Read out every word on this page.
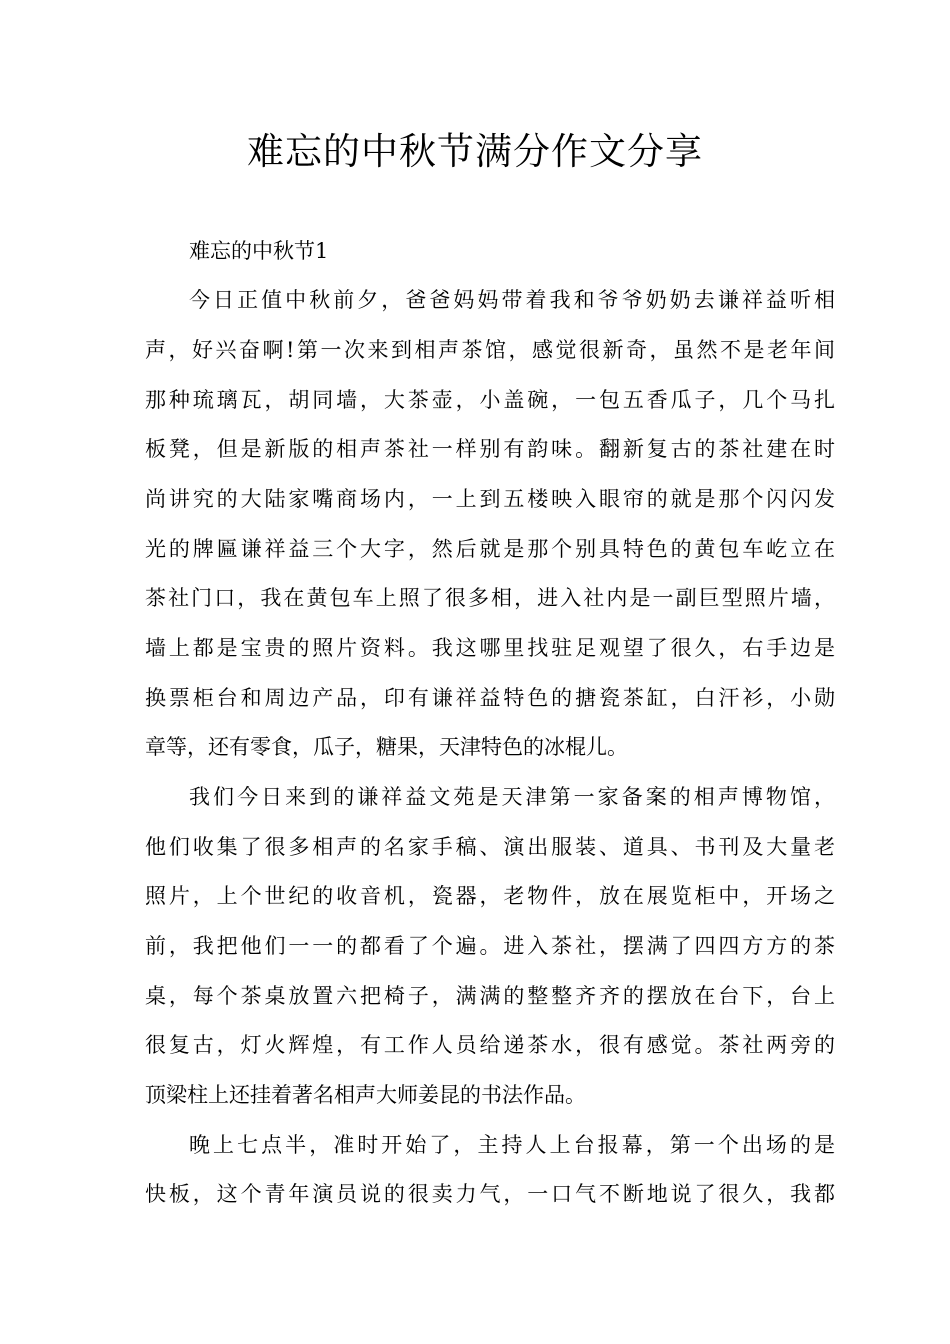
难忘的中秋节满分作文分享

难忘的中秋节1

今日正值中秋前夕，爸爸妈妈带着我和爷爷奶奶去谦祥益听相

声，好兴奋啊!第一次来到相声茶馆，感觉很新奇，虽然不是老年间

那种琉璃瓦，胡同墙，大茶壶，小盖碗，一包五香瓜子，几个马扎

板凳，但是新版的相声茶社一样别有韵味。翻新复古的茶社建在时

尚讲究的大陆家嘴商场内，一上到五楼映入眼帘的就是那个闪闪发

光的牌匾谦祥益三个大字，然后就是那个别具特色的黄包车屹立在

茶社门口，我在黄包车上照了很多相，进入社内是一副巨型照片墙，

墙上都是宝贵的照片资料。我这哪里找驻足观望了很久，右手边是

换票柜台和周边产品，印有谦祥益特色的搪瓷茶缸，白汗衫，小勋

章等，还有零食，瓜子，糖果，天津特色的冰棍儿。

我们今日来到的谦祥益文苑是天津第一家备案的相声博物馆，

他们收集了很多相声的名家手稿、演出服装、道具、书刊及大量老

照片，上个世纪的收音机，瓷器，老物件，放在展览柜中，开场之

前，我把他们一一的都看了个遍。进入茶社，摆满了四四方方的茶

桌，每个茶桌放置六把椅子，满满的整整齐齐的摆放在台下，台上

很复古，灯火辉煌，有工作人员给递茶水，很有感觉。茶社两旁的

顶梁柱上还挂着著名相声大师姜昆的书法作品。

晚上七点半，准时开始了，主持人上台报幕，第一个出场的是

快板，这个青年演员说的很卖力气，一口气不断地说了很久，我都
